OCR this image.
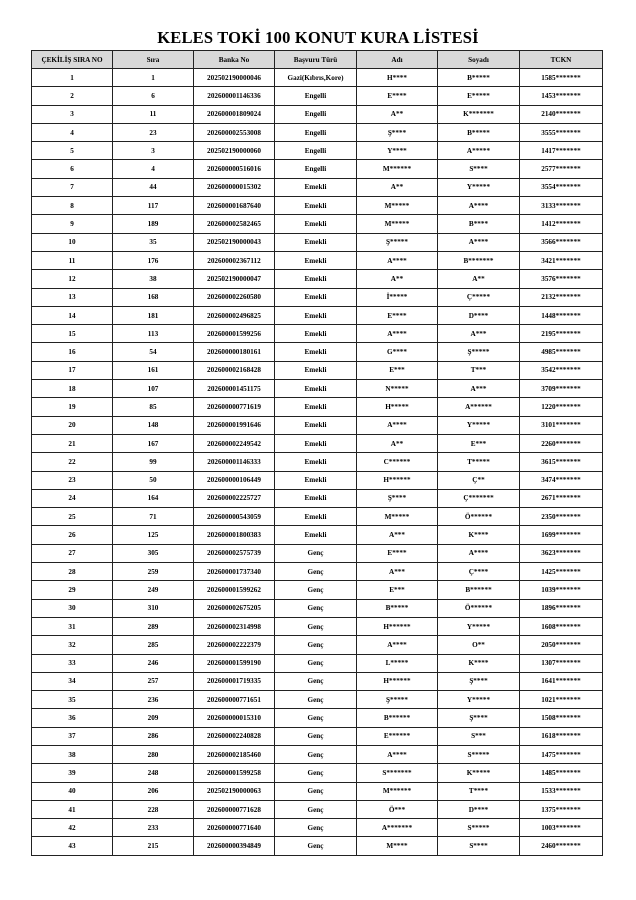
KELES TOKİ 100 KONUT KURA LİSTESİ
ÇEKİLİŞ SIRA NO	Sıra	Banka No	Başvuru Türü	Adı	Soyadı	TCKN
1	1	202502190000046	Gazi(Kıbrıs,Kore)	H****	B*****	1585*******
2	6	202600001146336	Engelli	E****	E*****	1453*******
3	11	202600001809024	Engelli	A**	K*******	2140*******
4	23	202600002553008	Engelli	Ş****	B*****	3555*******
5	3	202502190000060	Engelli	Y****	A*****	1417*******
6	4	202600000516016	Engelli	M******	S****	2577*******
7	44	202600000015302	Emekli	A**	Y*****	3554*******
8	117	202600001687640	Emekli	M*****	A****	3133*******
9	189	202600002582465	Emekli	M*****	B****	1412*******
10	35	202502190000043	Emekli	Ş*****	A****	3566*******
11	176	202600002367112	Emekli	A****	B*******	3421*******
12	38	202502190000047	Emekli	A**	A**	3576*******
13	168	202600002260580	Emekli	İ*****	Ç*****	2132*******
14	181	202600002496825	Emekli	E****	D****	1448*******
15	113	202600001599256	Emekli	A****	A***	2195*******
16	54	202600000180161	Emekli	G****	Ş*****	4985*******
17	161	202600002168428	Emekli	E***	T***	3542*******
18	107	202600001451175	Emekli	N*****	A***	3709*******
19	85	202600000771619	Emekli	H*****	A******	1220*******
20	148	202600001991646	Emekli	A****	Y*****	3101*******
21	167	202600002249542	Emekli	A**	E***	2260*******
22	99	202600001146333	Emekli	C******	T*****	3615*******
23	50	202600000106449	Emekli	H******	Ç**	3474*******
24	164	202600002225727	Emekli	Ş****	Ç*******	2671*******
25	71	202600000543059	Emekli	M*****	Ö******	2350*******
26	125	202600001800383	Emekli	A***	K****	1699*******
27	305	202600002575739	Genç	E****	A****	3623*******
28	259	202600001737340	Genç	A***	Ç****	1425*******
29	249	202600001599262	Genç	E***	B******	1039*******
30	310	202600002675205	Genç	B*****	Ö******	1896*******
31	289	202600002314998	Genç	H******	Y*****	1608*******
32	285	202600002222379	Genç	A****	O**	2050*******
33	246	202600001599190	Genç	L*****	K****	1307*******
34	257	202600001719335	Genç	H******	Ş****	1641*******
35	236	202600000771651	Genç	Ş*****	Y*****	1021*******
36	209	202600000015310	Genç	B******	Ş****	1508*******
37	286	202600002240828	Genç	E******	S***	1618*******
38	280	202600002185460	Genç	A****	S*****	1475*******
39	248	202600001599258	Genç	S*******	K*****	1485*******
40	206	202502190000063	Genç	M******	T****	1533*******
41	228	202600000771628	Genç	Ö***	D****	1375*******
42	233	202600000771640	Genç	A*******	S*****	1003*******
43	215	202600000394849	Genç	M****	S****	2460*******
